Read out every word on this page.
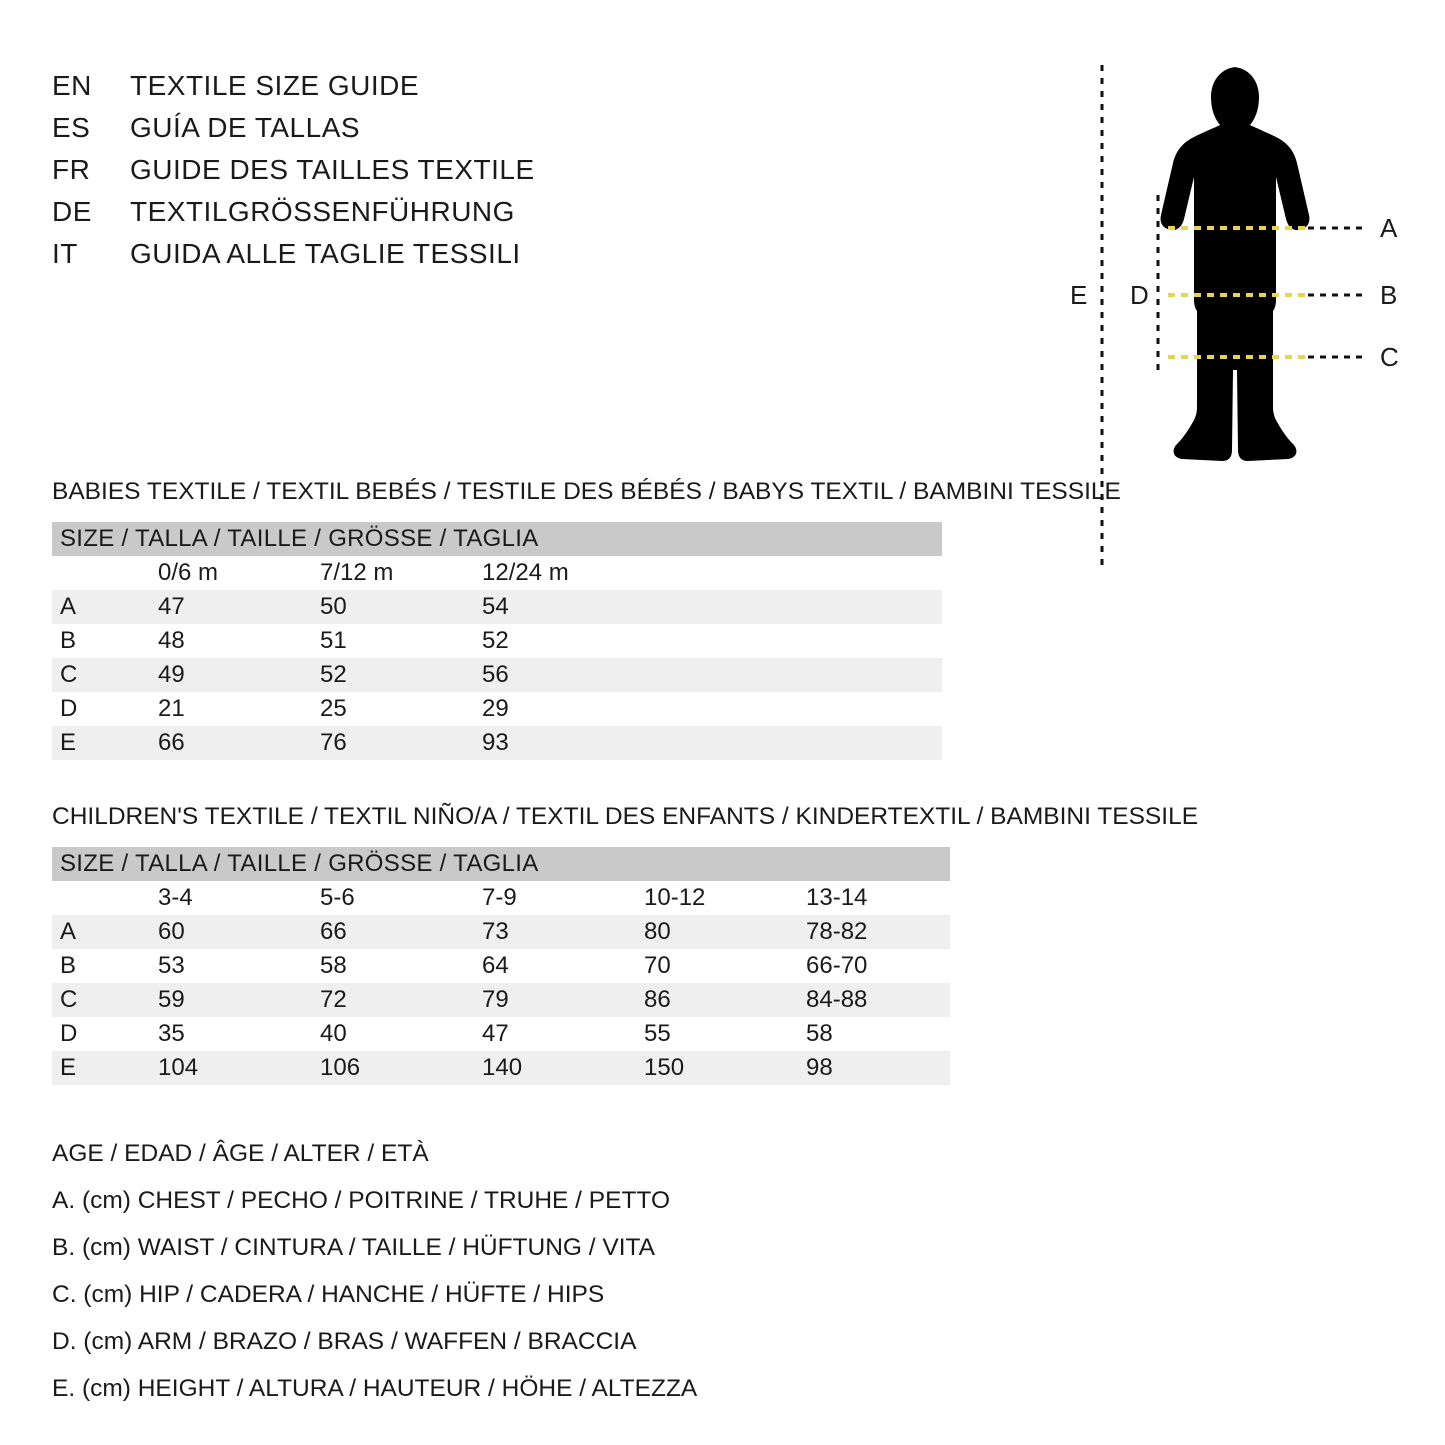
EN	TEXTILE SIZE GUIDE
ES	GUÍA DE TALLAS
FR	GUIDE DES TAILLES TEXTILE
DE	TEXTILGRÖSSENFÜHRUNG
IT	GUIDA ALLE TAGLIE TESSILI
A
B
C
D
E
BABIES TEXTILE / TEXTIL BEBÉS / TESTILE DES BÉBÉS / BABYS TEXTIL / BAMBINI TESSILE
SIZE / TALLA / TAILLE / GRÖSSE / TAGLIA				
	0/6 m	7/12 m	12/24 m	
A	47	50	54	
B	48	51	52	
C	49	52	56	
D	21	25	29	
E	66	76	93	
CHILDREN'S TEXTILE / TEXTIL NIÑO/A / TEXTIL DES ENFANTS / KINDERTEXTIL / BAMBINI TESSILE
SIZE / TALLA / TAILLE / GRÖSSE / TAGLIA					
	3-4	5-6	7-9	10-12	13-14
A	60	66	73	80	78-82
B	53	58	64	70	66-70
C	59	72	79	86	84-88
D	35	40	47	55	58
E	104	106	140	150	98
AGE / EDAD / ÂGE / ALTER / ETÀ
A. (cm) CHEST / PECHO / POITRINE / TRUHE / PETTO
B. (cm) WAIST / CINTURA / TAILLE / HÜFTUNG / VITA
C. (cm) HIP / CADERA / HANCHE / HÜFTE / HIPS
D. (cm) ARM / BRAZO / BRAS / WAFFEN / BRACCIA
E. (cm) HEIGHT / ALTURA / HAUTEUR / HÖHE / ALTEZZA
